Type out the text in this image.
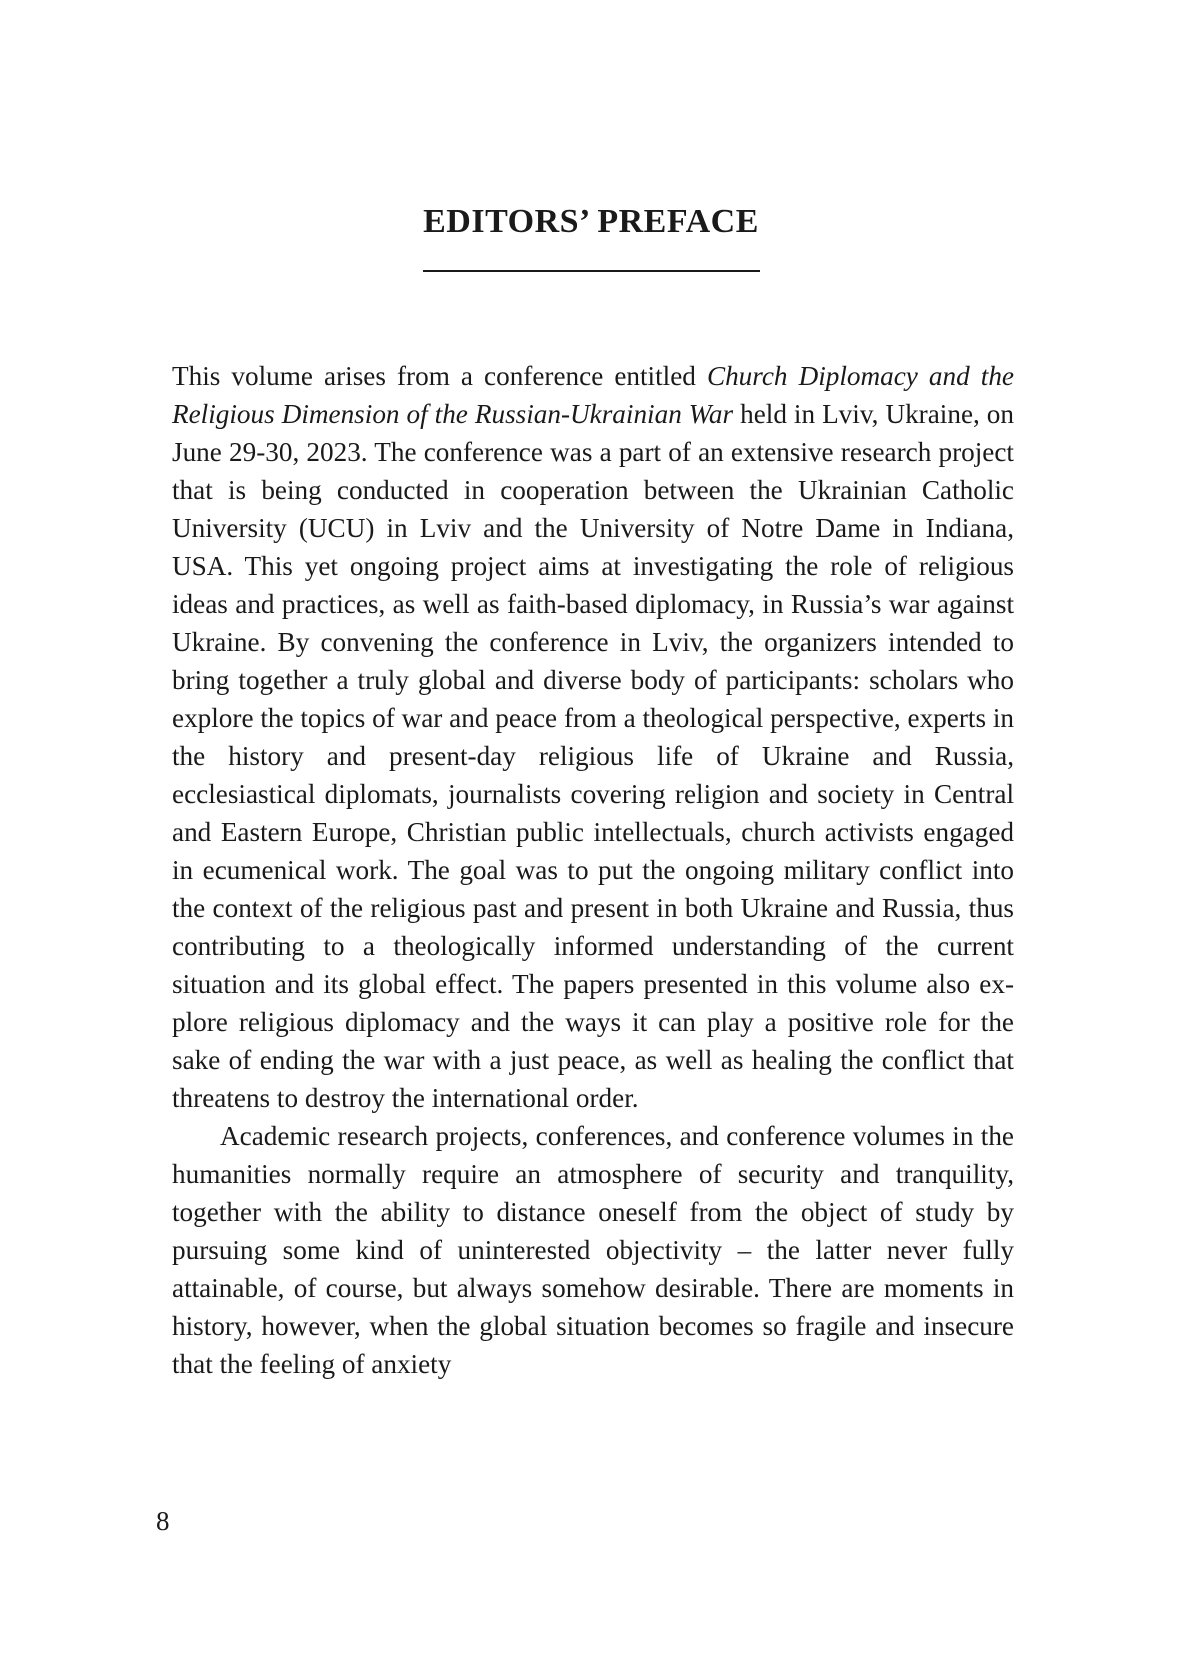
EDITORS’ PREFACE

This volume arises from a conference entitled Church Diplomacy and the Religious Dimension of the Russian-Ukrainian War held in Lviv, Ukraine, on June 29-30, 2023. The conference was a part of an extensive research project that is being conducted in cooperation between the Ukrainian Catholic University (UCU) in Lviv and the University of Notre Dame in Indiana, USA. This yet ongoing project aims at investigating the role of religious ideas and practices, as well as faith-based diplomacy, in Russia’s war against Ukraine. By convening the conference in Lviv, the organizers intended to bring together a truly global and diverse body of participants: scholars who explore the topics of war and peace from a theological perspective, experts in the history and present-day religious life of Ukraine and Russia, ecclesiastical diplomats, journalists covering religion and society in Central and Eastern Europe, Christian public intellectuals, church activists engaged in ecumenical work. The goal was to put the ongoing military conflict into the context of the religious past and present in both Ukraine and Russia, thus contributing to a theologically informed understanding of the current situation and its global effect. The papers presented in this volume also explore religious diplomacy and the ways it can play a positive role for the sake of ending the war with a just peace, as well as healing the conflict that threatens to destroy the international order.

Academic research projects, conferences, and conference volumes in the humanities normally require an atmosphere of security and tranquility, together with the ability to distance oneself from the object of study by pursuing some kind of uninterested objectivity – the latter never fully attainable, of course, but always somehow desirable. There are moments in history, however, when the global situation becomes so fragile and insecure that the feeling of anxiety

8
